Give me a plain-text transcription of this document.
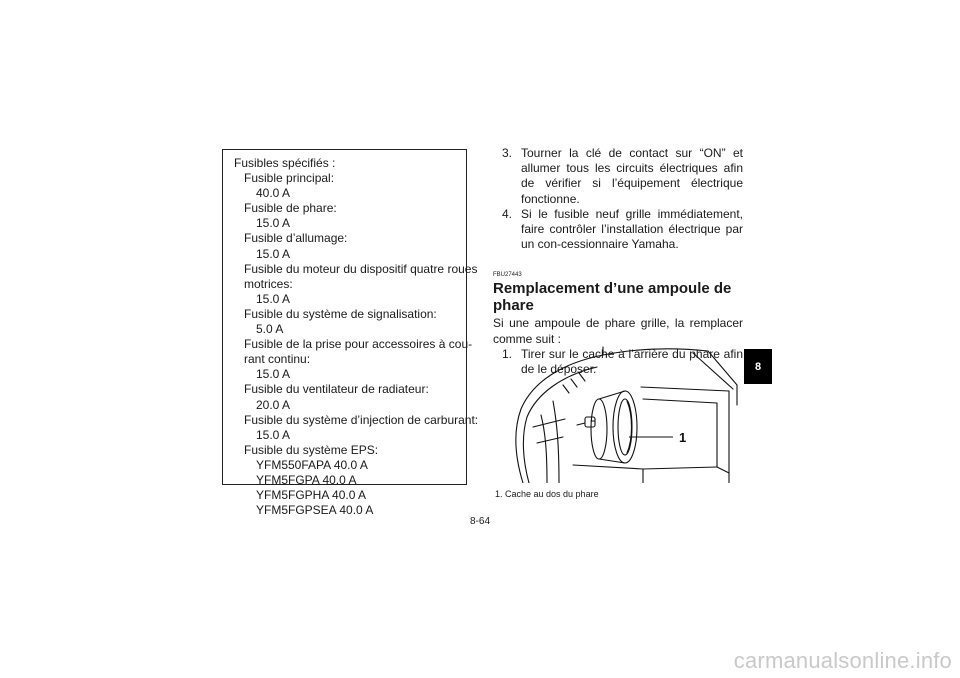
Fusibles spécifiés :
Fusible principal:
40.0 A
Fusible de phare:
15.0 A
Fusible d’allumage:
15.0 A
Fusible du moteur du dispositif quatre roues
motrices:
15.0 A
Fusible du système de signalisation:
5.0 A
Fusible de la prise pour accessoires à cou-
rant continu:
15.0 A
Fusible du ventilateur de radiateur:
20.0 A
Fusible du système d’injection de carburant:
15.0 A
Fusible du système EPS:
YFM550FAPA 40.0 A
YFM5FGPA 40.0 A
YFM5FGPHA 40.0 A
YFM5FGPSEA 40.0 A
3. Tourner la clé de contact sur “ON” et allumer tous les circuits électriques afin de vérifier si l’équipement électrique fonctionne.
4. Si le fusible neuf grille immédiatement, faire contrôler l’installation électrique par un con-cessionnaire Yamaha.
FBU27443
Remplacement d’une ampoule de phare
Si une ampoule de phare grille, la remplacer comme suit :
1. Tirer sur le cache à l’arrière du phare afin de le déposer.
1
1. Cache au dos du phare
8-64
8
carmanualsonline.info
